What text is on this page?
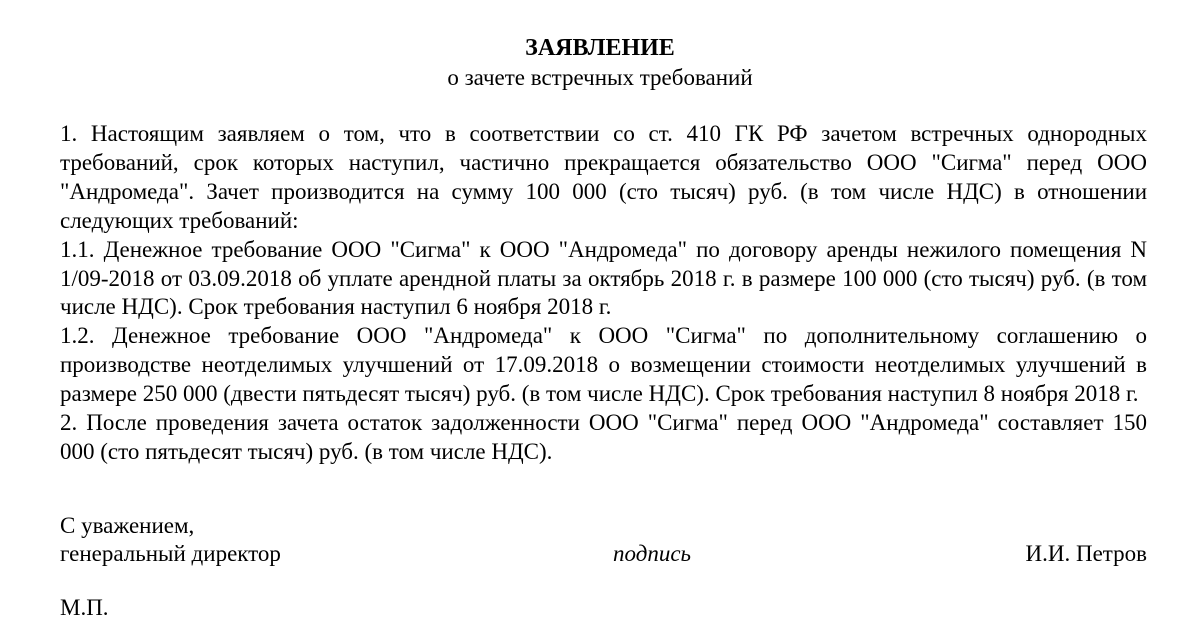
ЗАЯВЛЕНИЕ
о зачете встречных требований

1. Настоящим заявляем о том, что в соответствии со ст. 410 ГК РФ зачетом встречных однородных требований, срок которых наступил, частично прекращается обязательство ООО "Сигма" перед ООО "Андромеда". Зачет производится на сумму 100 000 (сто тысяч) руб. (в том числе НДС) в отношении следующих требований:

1.1. Денежное требование ООО "Сигма" к ООО "Андромеда" по договору аренды нежилого помещения N 1/09-2018 от 03.09.2018 об уплате арендной платы за октябрь 2018 г. в размере 100 000 (сто тысяч) руб. (в том числе НДС). Срок требования наступил 6 ноября 2018 г.

1.2. Денежное требование ООО "Андромеда" к ООО "Сигма" по дополнительному соглашению о производстве неотделимых улучшений от 17.09.2018 о возмещении стоимости неотделимых улучшений в размере 250 000 (двести пятьдесят тысяч) руб. (в том числе НДС). Срок требования наступил 8 ноября 2018 г.

2. После проведения зачета остаток задолженности ООО "Сигма" перед ООО "Андромеда" составляет 150 000 (сто пятьдесят тысяч) руб. (в том числе НДС).

С уважением,
генеральный директор	подпись	И.И. Петров
М.П.
